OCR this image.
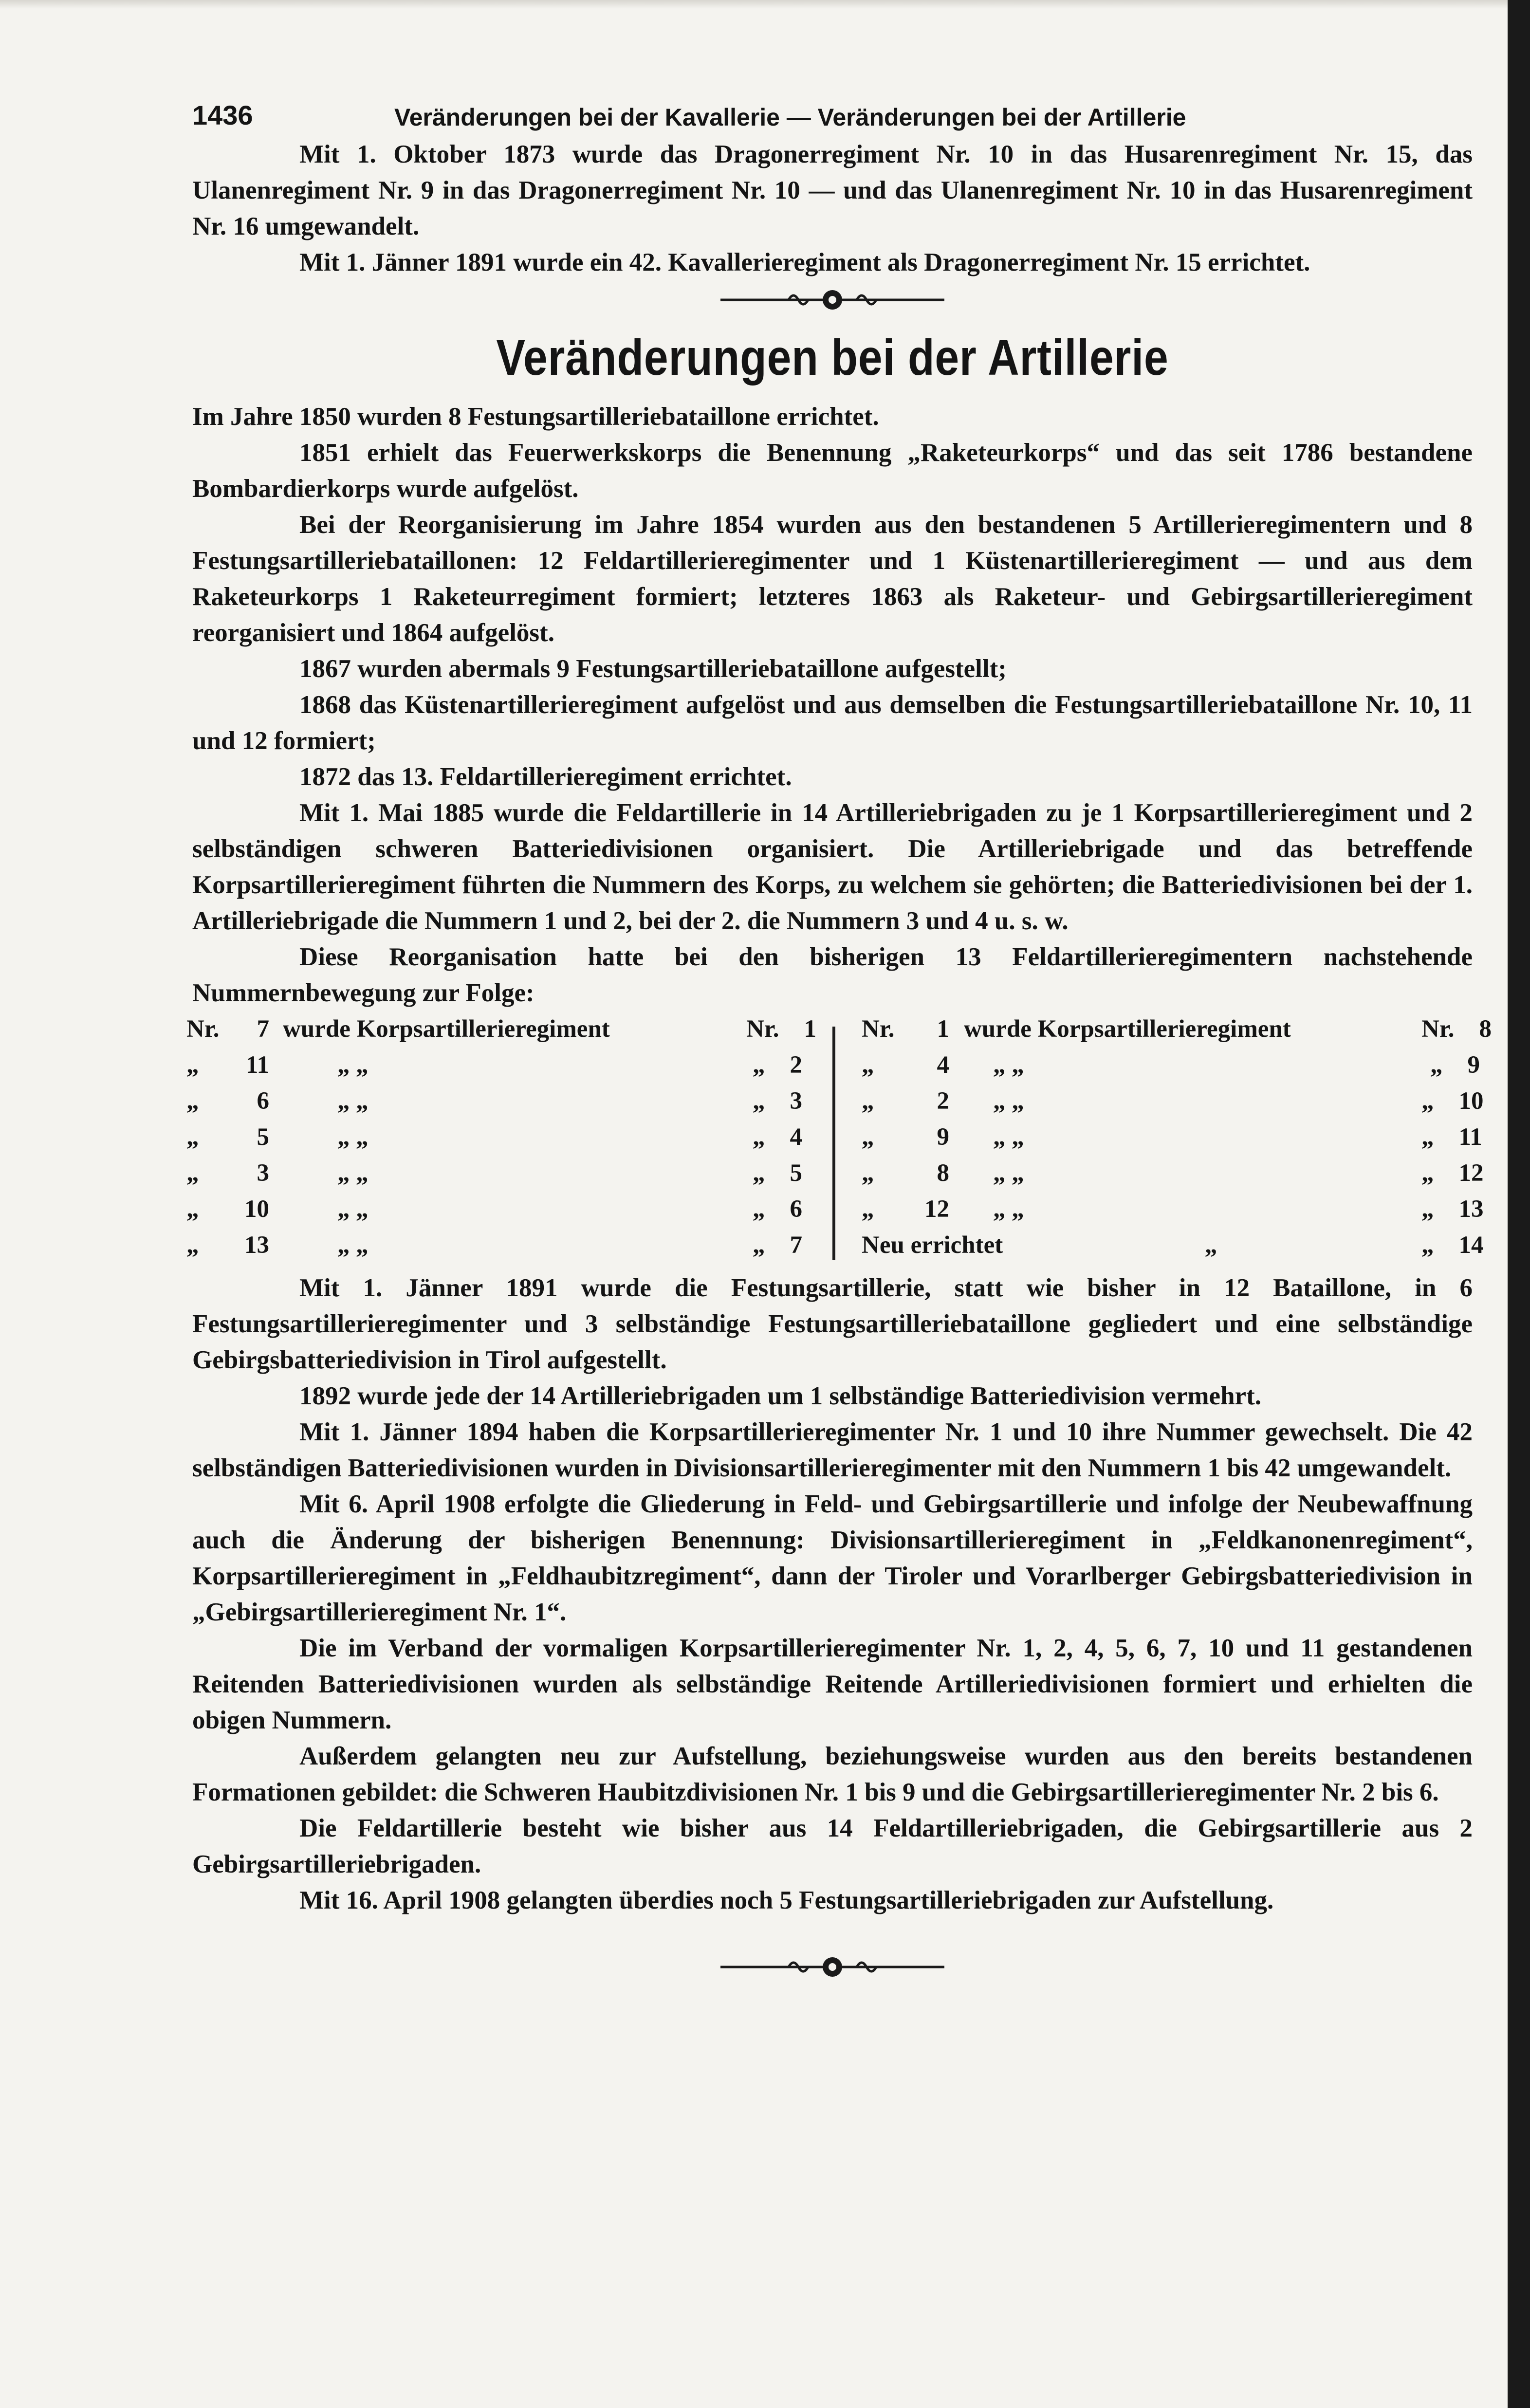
1436	Veränderungen bei der Kavallerie — Veränderungen bei der Artillerie

Mit 1. Oktober 1873 wurde das Dragonerregiment Nr. 10 in das Husarenregiment Nr. 15, das Ulanenregiment Nr. 9 in das Dragonerregiment Nr. 10 — und das Ulanenregiment Nr. 10 in das Husarenregiment Nr. 16 umgewandelt.

Mit 1. Jänner 1891 wurde ein 42. Kavallerieregiment als Dragonerregiment Nr. 15 errichtet.

Veränderungen bei der Artillerie

Im Jahre 1850 wurden 8 Festungsartilleriebataillone errichtet.

1851 erhielt das Feuerwerkskorps die Benennung „Raketeurkorps“ und das seit 1786 bestandene Bombardierkorps wurde aufgelöst.

Bei der Reorganisierung im Jahre 1854 wurden aus den bestandenen 5 Artillerieregimentern und 8 Festungsartilleriebataillonen: 12 Feldartillerieregimenter und 1 Küstenartillerieregiment — und aus dem Raketeurkorps 1 Raketeurregiment formiert; letzteres 1863 als Raketeur- und Gebirgsartillerieregiment reorganisiert und 1864 aufgelöst.

1867 wurden abermals 9 Festungsartilleriebataillone aufgestellt;

1868 das Küstenartillerieregiment aufgelöst und aus demselben die Festungsartilleriebataillone Nr. 10, 11 und 12 formiert;

1872 das 13. Feldartillerieregiment errichtet.

Mit 1. Mai 1885 wurde die Feldartillerie in 14 Artilleriebrigaden zu je 1 Korpsartillerieregiment und 2 selbständigen schweren Batteriedivisionen organisiert. Die Artilleriebrigade und das betreffende Korpsartillerieregiment führten die Nummern des Korps, zu welchem sie gehörten; die Batteriedivisionen bei der 1. Artilleriebrigade die Nummern 1 und 2, bei der 2. die Nummern 3 und 4 u. s. w.

Diese Reorganisation hatte bei den bisherigen 13 Feldartillerieregimentern nachstehende Nummernbewegung zur Folge:

Nr.	7 wurde Korpsartillerieregiment	Nr. 1
„	11	„ „	„ 2
„	6	„ „	„ 3
„	5	„ „	„ 4
„	3	„ „	„ 5
„	10	„ „	„ 6
„	13	„ „	„ 7
Nr.	1 wurde Korpsartillerieregiment	Nr. 8
„	4 „ „	„ 9
„	2 „ „	„ 10
„	9 „ „	„ 11
„	8 „ „	„ 12
„	12 „ „	„ 13
Neu errichtet	„	„ 14

Mit 1. Jänner 1891 wurde die Festungsartillerie, statt wie bisher in 12 Bataillone, in 6 Festungsartillerieregimenter und 3 selbständige Festungsartilleriebataillone gegliedert und eine selbständige Gebirgsbatteriedivision in Tirol aufgestellt.

1892 wurde jede der 14 Artilleriebrigaden um 1 selbständige Batteriedivision vermehrt.

Mit 1. Jänner 1894 haben die Korpsartillerieregimenter Nr. 1 und 10 ihre Nummer gewechselt. Die 42 selbständigen Batteriedivisionen wurden in Divisionsartillerieregimenter mit den Nummern 1 bis 42 umgewandelt.

Mit 6. April 1908 erfolgte die Gliederung in Feld- und Gebirgsartillerie und infolge der Neubewaffnung auch die Änderung der bisherigen Benennung: Divisionsartillerieregiment in „Feldkanonenregiment“, Korpsartillerieregiment in „Feldhaubitzregiment“, dann der Tiroler und Vorarlberger Gebirgsbatteriedivision in „Gebirgsartillerieregiment Nr. 1“.

Die im Verband der vormaligen Korpsartillerieregimenter Nr. 1, 2, 4, 5, 6, 7, 10 und 11 gestandenen Reitenden Batteriedivisionen wurden als selbständige Reitende Artilleriedivisionen formiert und erhielten die obigen Nummern.

Außerdem gelangten neu zur Aufstellung, beziehungsweise wurden aus den bereits bestandenen Formationen gebildet: die Schweren Haubitzdivisionen Nr. 1 bis 9 und die Gebirgsartillerieregimenter Nr. 2 bis 6.

Die Feldartillerie besteht wie bisher aus 14 Feldartilleriebrigaden, die Gebirgsartillerie aus 2 Gebirgsartilleriebrigaden.

Mit 16. April 1908 gelangten überdies noch 5 Festungsartilleriebrigaden zur Aufstellung.
